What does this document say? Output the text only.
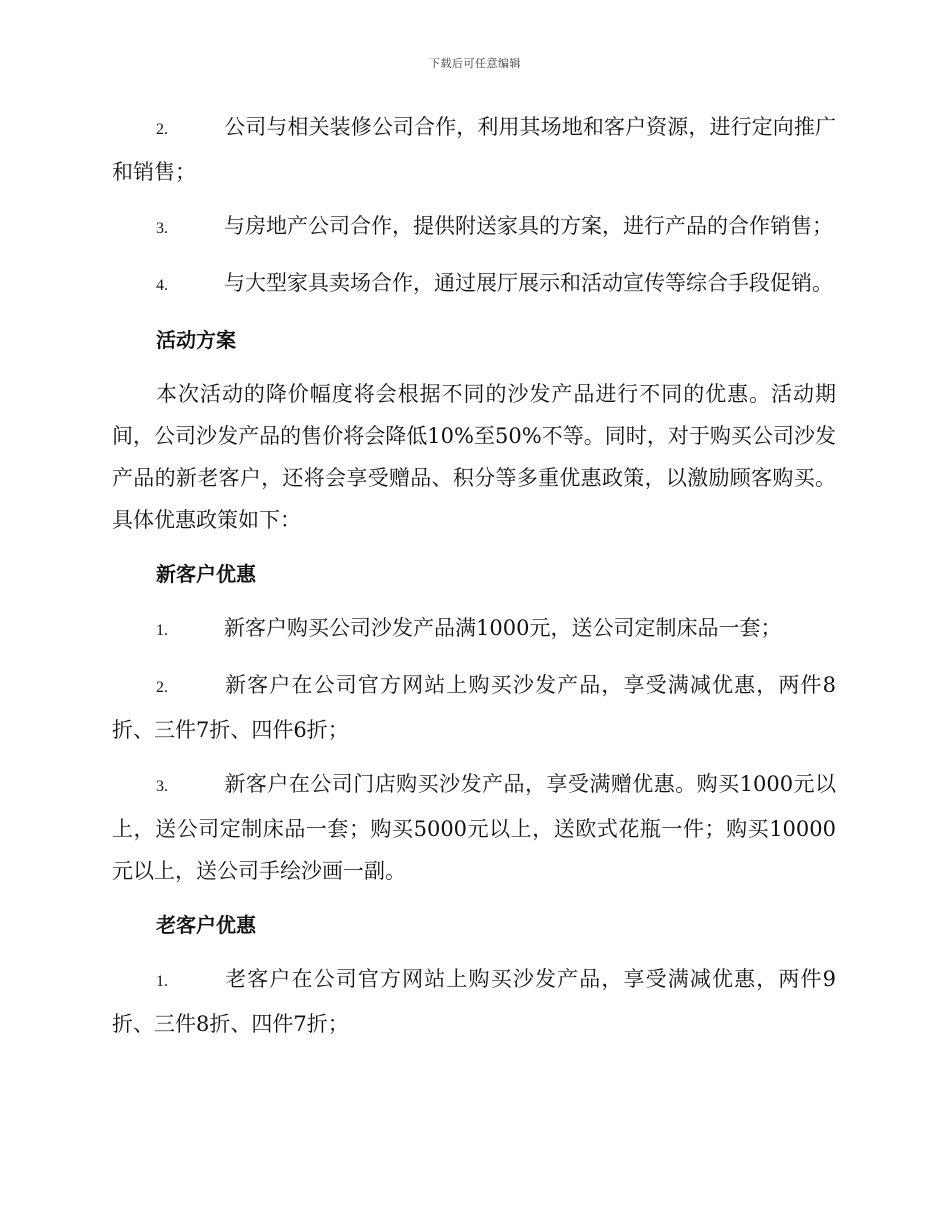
下载后可任意编辑

2.	公司与相关装修公司合作，利用其场地和客户资源，进行定向推广和销售；

3.	与房地产公司合作，提供附送家具的方案，进行产品的合作销售；

4.	与大型家具卖场合作，通过展厅展示和活动宣传等综合手段促销。

活动方案

本次活动的降价幅度将会根据不同的沙发产品进行不同的优惠。活动期间，公司沙发产品的售价将会降低10%至50%不等。同时，对于购买公司沙发产品的新老客户，还将会享受赠品、积分等多重优惠政策，以激励顾客购买。具体优惠政策如下：

新客户优惠

1.	新客户购买公司沙发产品满1000元，送公司定制床品一套；

2.	新客户在公司官方网站上购买沙发产品，享受满减优惠，两件8折、三件7折、四件6折；

3.	新客户在公司门店购买沙发产品，享受满赠优惠。购买1000元以上，送公司定制床品一套；购买5000元以上，送欧式花瓶一件；购买10000元以上，送公司手绘沙画一副。

老客户优惠

1.	老客户在公司官方网站上购买沙发产品，享受满减优惠，两件9折、三件8折、四件7折；
